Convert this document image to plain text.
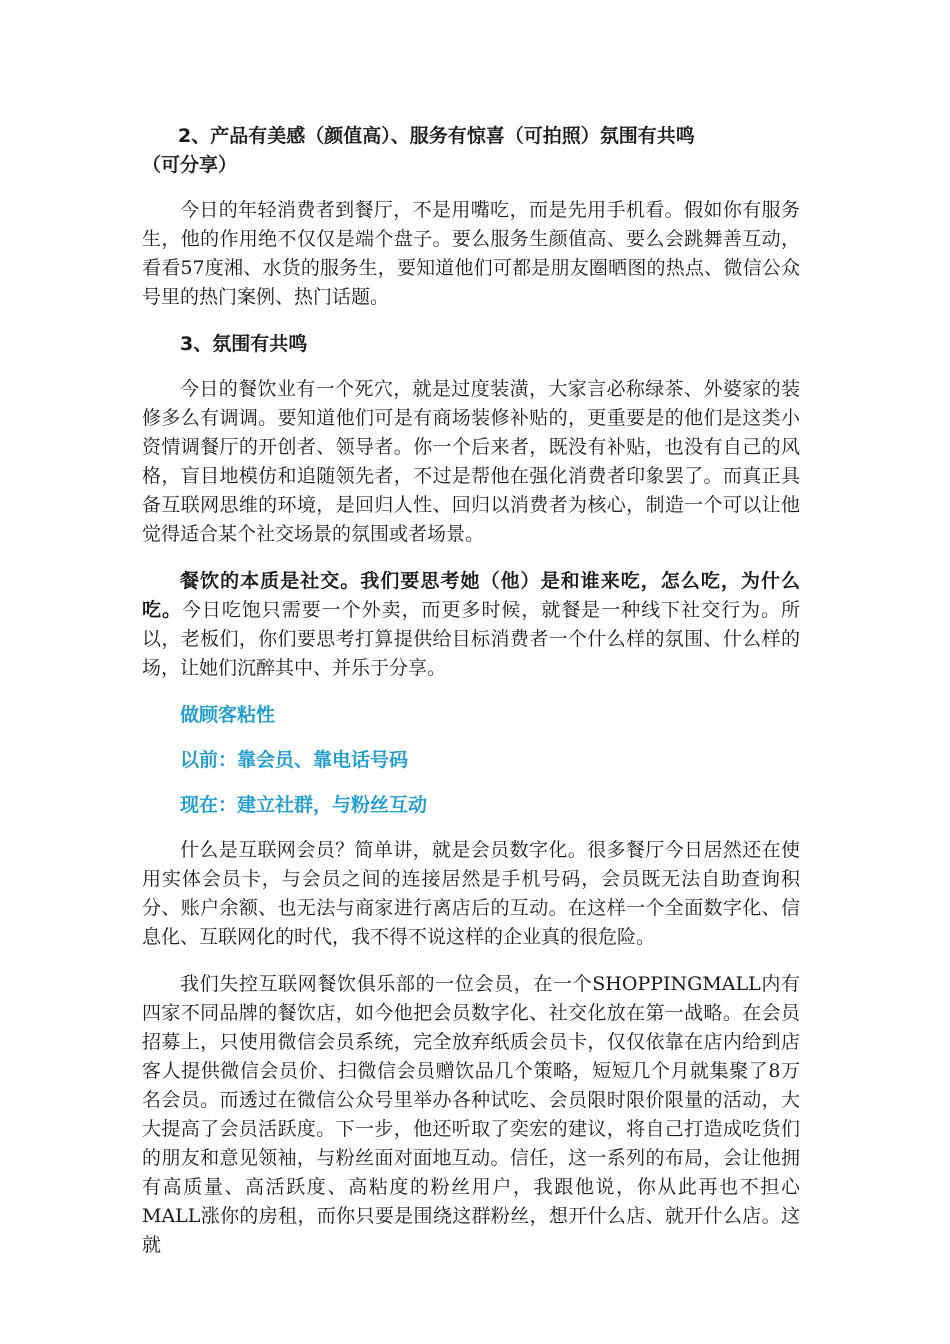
2、产品有美感（颜值高）、服务有惊喜（可拍照）氛围有共鸣
（可分享）

今日的年轻消费者到餐厅，不是用嘴吃，而是先用手机看。假如你有服务生，他的作用绝不仅仅是端个盘子。要么服务生颜值高、要么会跳舞善互动，看看57度湘、水货的服务生，要知道他们可都是朋友圈晒图的热点、微信公众号里的热门案例、热门话题。

3、氛围有共鸣

今日的餐饮业有一个死穴，就是过度装潢，大家言必称绿茶、外婆家的装修多么有调调。要知道他们可是有商场装修补贴的，更重要是的他们是这类小资情调餐厅的开创者、领导者。你一个后来者，既没有补贴，也没有自己的风格，盲目地模仿和追随领先者，不过是帮他在强化消费者印象罢了。而真正具备互联网思维的环境，是回归人性、回归以消费者为核心，制造一个可以让他觉得适合某个社交场景的氛围或者场景。

餐饮的本质是社交。我们要思考她（他）是和谁来吃，怎么吃，为什么吃。今日吃饱只需要一个外卖，而更多时候，就餐是一种线下社交行为。所以，老板们，你们要思考打算提供给目标消费者一个什么样的氛围、什么样的场，让她们沉醉其中、并乐于分享。

做顾客粘性

以前：靠会员、靠电话号码

现在：建立社群，与粉丝互动

什么是互联网会员？简单讲，就是会员数字化。很多餐厅今日居然还在使用实体会员卡，与会员之间的连接居然是手机号码，会员既无法自助查询积分、账户余额、也无法与商家进行离店后的互动。在这样一个全面数字化、信息化、互联网化的时代，我不得不说这样的企业真的很危险。

我们失控互联网餐饮俱乐部的一位会员，在一个SHOPPINGMALL内有四家不同品牌的餐饮店，如今他把会员数字化、社交化放在第一战略。在会员招募上，只使用微信会员系统，完全放弃纸质会员卡，仅仅依靠在店内给到店客人提供微信会员价、扫微信会员赠饮品几个策略，短短几个月就集聚了8万名会员。而透过在微信公众号里举办各种试吃、会员限时限价限量的活动，大大提高了会员活跃度。下一步，他还听取了奕宏的建议，将自己打造成吃货们的朋友和意见领袖，与粉丝面对面地互动。信任，这一系列的布局，会让他拥有高质量、高活跃度、高粘度的粉丝用户，我跟他说，你从此再也不担心MALL涨你的房租，而你只要是围绕这群粉丝，想开什么店、就开什么店。这就
